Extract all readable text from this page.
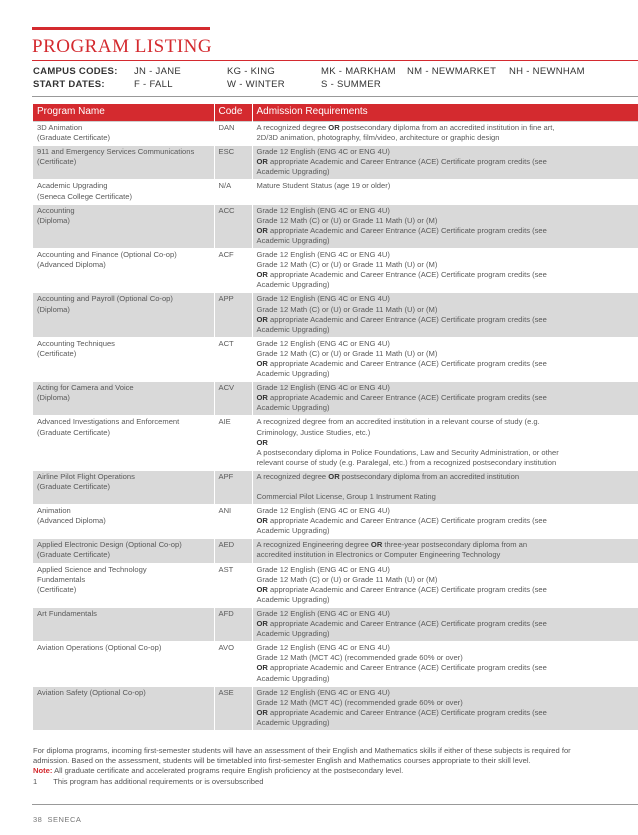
PROGRAM LISTING
CAMPUS CODES: JN - JANE	KG - KING	MK - MARKHAM NM - NEWMARKET NH - NEWNHAM
START DATES:	F - FALL	W - WINTER	S - SUMMER
Program Name	Code	Admission Requirements

3D Animation
(Graduate Certificate)	DAN	A recognized degree OR postsecondary diploma from an accredited institution in fine art,
2D/3D animation, photography, film/video, architecture or graphic design

911 and Emergency Services Communications
(Certificate)	ESC	Grade 12 English (ENG 4C or ENG 4U)
OR appropriate Academic and Career Entrance (ACE) Certificate program credits (see
Academic Upgrading)

Academic Upgrading
(Seneca College Certificate)	N/A	Mature Student Status (age 19 or older)

Accounting
(Diploma)	ACC	Grade 12 English (ENG 4C or ENG 4U)
Grade 12 Math (C) or (U) or Grade 11 Math (U) or (M)
OR appropriate Academic and Career Entrance (ACE) Certificate program credits (see
Academic Upgrading)

Accounting and Finance (Optional Co-op)
(Advanced Diploma)	ACF	Grade 12 English (ENG 4C or ENG 4U)
Grade 12 Math (C) or (U) or Grade 11 Math (U) or (M)
OR appropriate Academic and Career Entrance (ACE) Certificate program credits (see
Academic Upgrading)

Accounting and Payroll (Optional Co-op)
(Diploma)	APP	Grade 12 English (ENG 4C or ENG 4U)
Grade 12 Math (C) or (U) or Grade 11 Math (U) or (M)
OR appropriate Academic and Career Entrance (ACE) Certificate program credits (see
Academic Upgrading)

Accounting Techniques
(Certificate)	ACT	Grade 12 English (ENG 4C or ENG 4U)
Grade 12 Math (C) or (U) or Grade 11 Math (U) or (M)
OR appropriate Academic and Career Entrance (ACE) Certificate program credits (see
Academic Upgrading)

Acting for Camera and Voice
(Diploma)	ACV	Grade 12 English (ENG 4C or ENG 4U)
OR appropriate Academic and Career Entrance (ACE) Certificate program credits (see
Academic Upgrading)

Advanced Investigations and Enforcement
(Graduate Certificate)	AIE	A recognized degree from an accredited institution in a relevant course of study (e.g.
Criminology, Justice Studies, etc.)
OR
A postsecondary diploma in Police Foundations, Law and Security Administration, or other
relevant course of study (e.g. Paralegal, etc.) from a recognized postsecondary institution

Airline Pilot Flight Operations
(Graduate Certificate)	APF	A recognized degree OR postsecondary diploma from an accredited institution
Commercial Pilot License, Group 1 Instrument Rating

Animation
(Advanced Diploma)	ANI	Grade 12 English (ENG 4C or ENG 4U)
OR appropriate Academic and Career Entrance (ACE) Certificate program credits (see
Academic Upgrading)

Applied Electronic Design (Optional Co-op)
(Graduate Certificate)	AED	A recognized Engineering degree OR three-year postsecondary diploma from an
accredited institution in Electronics or Computer Engineering Technology

Applied Science and Technology
Fundamentals
(Certificate)	AST	Grade 12 English (ENG 4C or ENG 4U)
Grade 12 Math (C) or (U) or Grade 11 Math (U) or (M)
OR appropriate Academic and Career Entrance (ACE) Certificate program credits (see
Academic Upgrading)

Art Fundamentals	AFD	Grade 12 English (ENG 4C or ENG 4U)
OR appropriate Academic and Career Entrance (ACE) Certificate program credits (see
Academic Upgrading)

Aviation Operations (Optional Co-op)	AVO	Grade 12 English (ENG 4C or ENG 4U)
Grade 12 Math (MCT 4C) (recommended grade 60% or over)
OR appropriate Academic and Career Entrance (ACE) Certificate program credits (see
Academic Upgrading)

Aviation Safety (Optional Co-op)	ASE	Grade 12 English (ENG 4C or ENG 4U)
Grade 12 Math (MCT 4C) (recommended grade 60% or over)
OR appropriate Academic and Career Entrance (ACE) Certificate program credits (see
Academic Upgrading)
For diploma programs, incoming first-semester students will have an assessment of their English and Mathematics skills if either of these subjects is required for admission. Based on the assessment, students will be timetabled into first-semester English and Mathematics courses appropriate to their skill level.
Note: All graduate certificate and accelerated programs require English proficiency at the postsecondary level.
1 This program has additional requirements or is oversubscribed
38 SENECA
